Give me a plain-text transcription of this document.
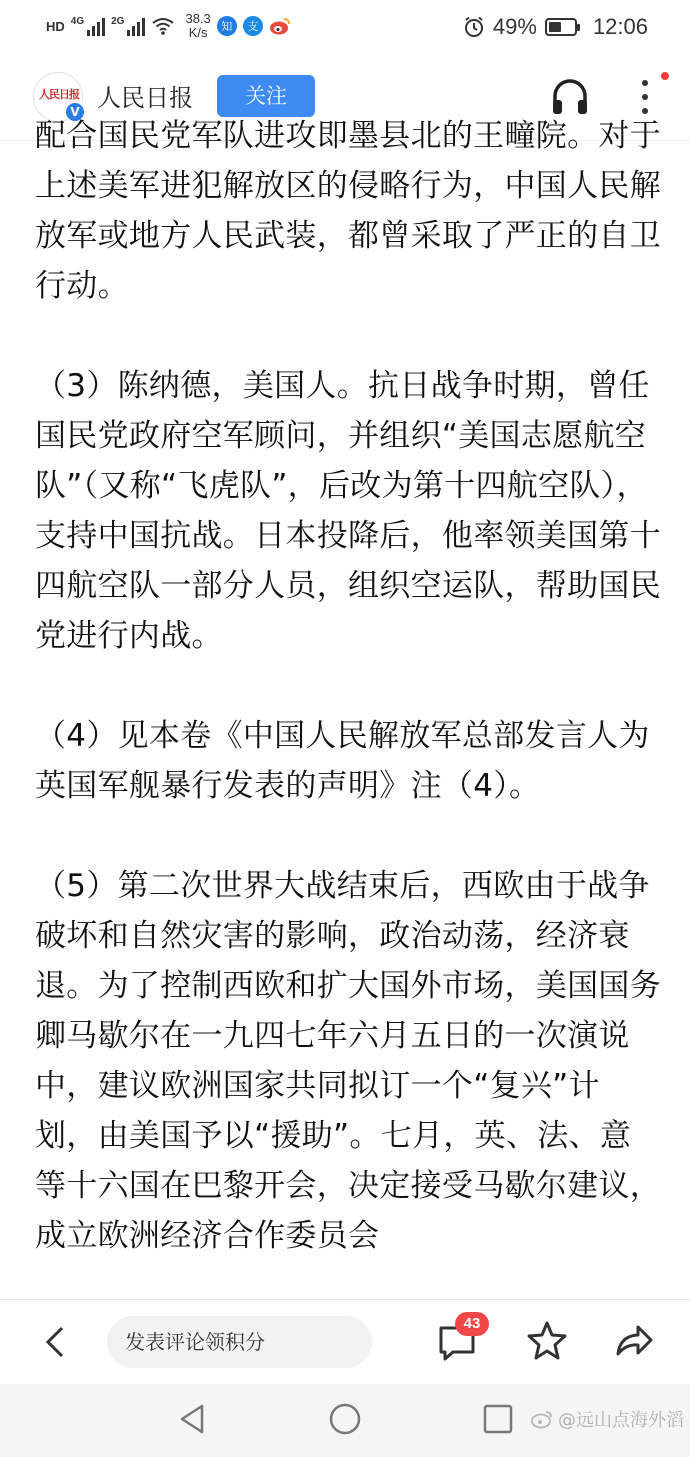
HD 4G	2G	38.3
K/s	知	支	49%	12:06
人民日报
V 人民日报	关注

配合国民党军队进攻即墨县北的王疃院。对于上述美军进犯解放区的侵略行为，中国人民解放军或地方人民武装，都曾采取了严正的自卫行动。

（3）陈纳德，美国人。抗日战争时期，曾任国民党政府空军顾问，并组织“美国志愿航空队”（又称“飞虎队”，后改为第十四航空队），支持中国抗战。日本投降后，他率领美国第十四航空队一部分人员，组织空运队，帮助国民党进行内战。

（4）见本卷《中国人民解放军总部发言人为英国军舰暴行发表的声明》注（4）。

（5）第二次世界大战结束后，西欧由于战争破坏和自然灾害的影响，政治动荡，经济衰退。为了控制西欧和扩大国外市场，美国国务卿马歇尔在一九四七年六月五日的一次演说中，建议欧洲国家共同拟订一个“复兴”计划，由美国予以“援助”。七月，英、法、意等十六国在巴黎开会，决定接受马歇尔建议，成立欧洲经济合作委员会

发表评论领积分
43
@远山点海外滔
